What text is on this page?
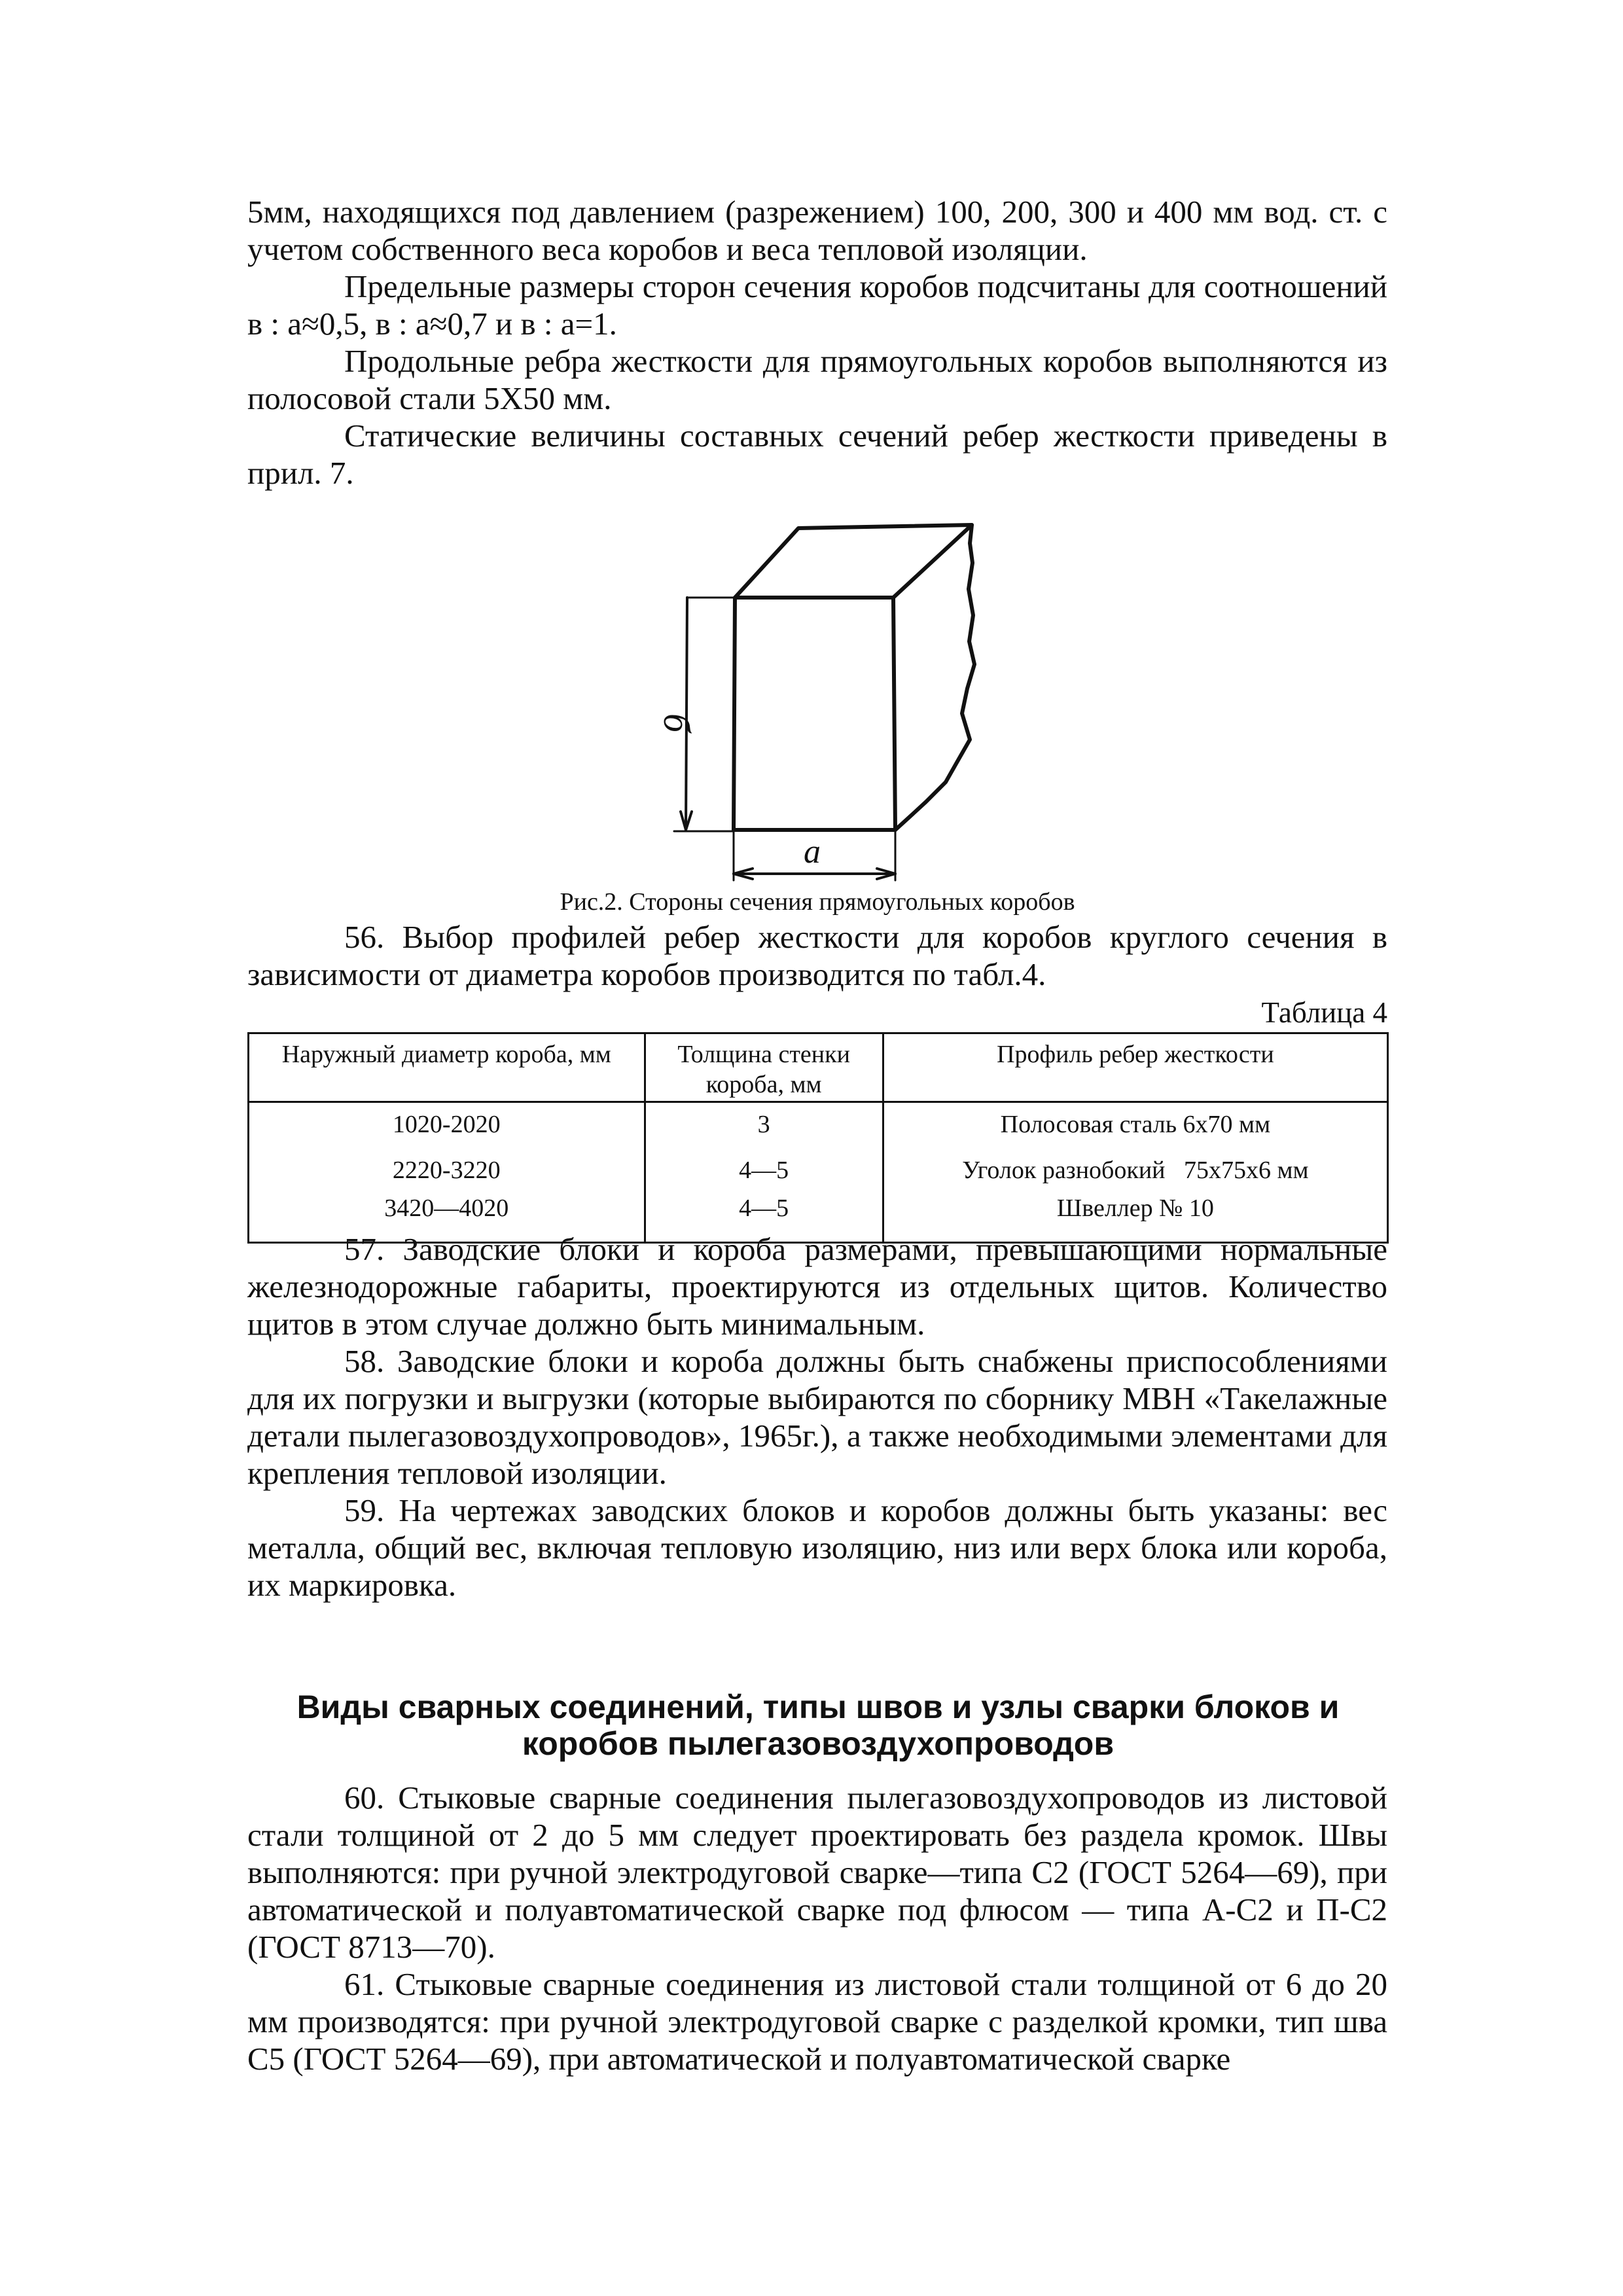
5мм, находящихся под давлением (разрежением) 100, 200, 300 и 400 мм вод. ст. с учетом собственного веса коробов и веса тепловой изоляции.

Предельные размеры сторон сечения коробов подсчитаны для соотношений в : а≈0,5, в : а≈0,7 и в : а=1.

Продольные ребра жесткости для прямоугольных коробов выполняются из полосовой стали 5Х50 мм.

Статические величины составных сечений ребер жесткости приведены в прил. 7.

б
а
Рис.2. Стороны сечения прямоугольных коробов

56. Выбор профилей ребер жесткости для коробов круглого сечения в зависимости от диаметра коробов производится по табл.4.

Таблица 4
Наружный диаметр короба, мм	Толщина стенки короба, мм	Профиль ребер жесткости
1020-2020	3	Полосовая сталь 6х70 мм
2220-3220	4—5	Уголок разнобокий   75х75х6 мм
3420—4020	4—5	Швеллер № 10

57. Заводские блоки и короба размерами, превышающими нормальные железнодорожные габариты, проектируются из отдельных щитов. Количество щитов в этом случае должно быть минимальным.

58. Заводские блоки и короба должны быть снабжены приспособлениями для их погрузки и выгрузки (которые выбираются по сборнику МВН «Такелажные детали пылегазовоздухопроводов», 1965г.), а также необходимыми элементами для крепления тепловой изоляции.

59. На чертежах заводских блоков и коробов должны быть указаны: вес металла, общий вес, включая тепловую изоляцию, низ или верх блока или короба, их маркировка.

Виды сварных соединений, типы швов и узлы сварки блоков и коробов пылегазовоздухопроводов

60. Стыковые сварные соединения пылегазовоздухопроводов из листовой стали толщиной от 2 до 5 мм следует проектировать без раздела кромок. Швы выполняются: при ручной электродуговой сварке—типа С2 (ГОСТ 5264—69), при автоматической и полуавтоматической сварке под флюсом — типа А-С2 и П-С2 (ГОСТ 8713—70).

61. Стыковые сварные соединения из листовой стали толщиной от 6 до 20 мм производятся: при ручной электродуговой сварке с разделкой кромки, тип шва С5 (ГОСТ 5264—69), при автоматической и полуавтоматической сварке
